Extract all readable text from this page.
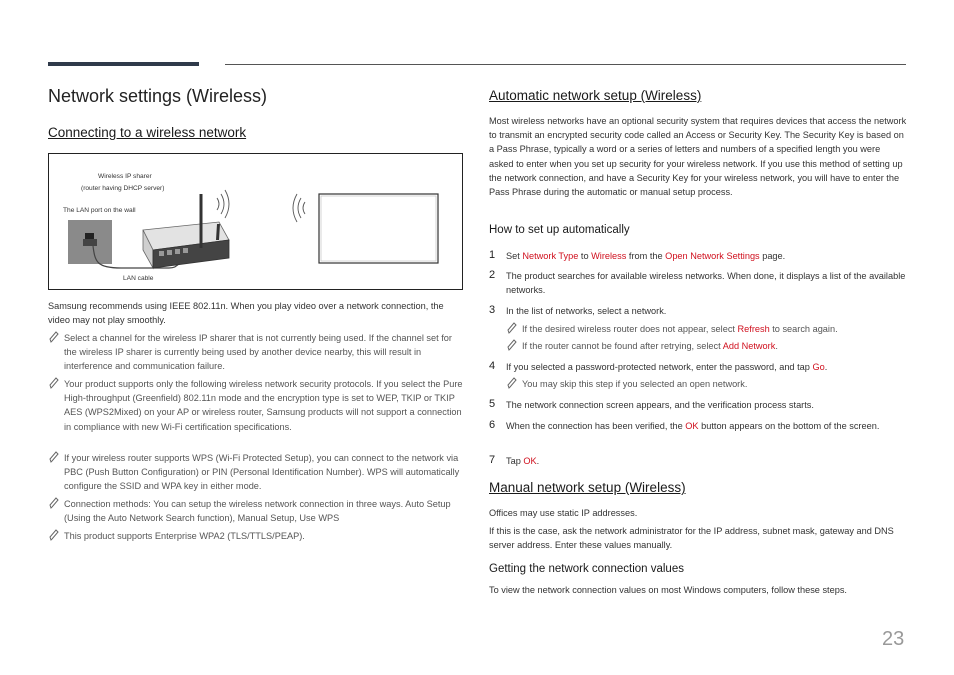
Network settings (Wireless)
Connecting to a wireless network
Wireless IP sharer
(router having DHCP server)
The LAN port on the wall
LAN cable
Samsung recommends using IEEE 802.11n. When you play video over a network connection, the video may not play smoothly.
Select a channel for the wireless IP sharer that is not currently being used. If the channel set for the wireless IP sharer is currently being used by another device nearby, this will result in interference and communication failure.
Your product supports only the following wireless network security protocols. If you select the Pure High-throughput (Greenfield) 802.11n mode and the encryption type is set to WEP, TKIP or TKIP AES (WPS2Mixed) on your AP or wireless router, Samsung products will not support a connection in compliance with new Wi-Fi certification specifications.
If your wireless router supports WPS (Wi-Fi Protected Setup), you can connect to the network via PBC (Push Button Configuration) or PIN (Personal Identification Number). WPS will automatically configure the SSID and WPA key in either mode.
Connection methods: You can setup the wireless network connection in three ways. Auto Setup (Using the Auto Network Search function), Manual Setup, Use WPS
This product supports Enterprise WPA2 (TLS/TTLS/PEAP).
Automatic network setup (Wireless)
Most wireless networks have an optional security system that requires devices that access the network to transmit an encrypted security code called an Access or Security Key. The Security Key is based on a Pass Phrase, typically a word or a series of letters and numbers of a specified length you were asked to enter when you set up security for your wireless network. If you use this method of setting up the network connection, and have a Security Key for your wireless network, you will have to enter the Pass Phrase during the automatic or manual setup process.
How to set up automatically
1 Set Network Type to Wireless from the Open Network Settings page.
2 The product searches for available wireless networks. When done, it displays a list of the available networks.
3 In the list of networks, select a network.
If the desired wireless router does not appear, select Refresh to search again.
If the router cannot be found after retrying, select Add Network.
4 If you selected a password-protected network, enter the password, and tap Go.
You may skip this step if you selected an open network.
5 The network connection screen appears, and the verification process starts.
6 When the connection has been verified, the OK button appears on the bottom of the screen.
7 Tap OK.
Manual network setup (Wireless)
Offices may use static IP addresses.
If this is the case, ask the network administrator for the IP address, subnet mask, gateway and DNS server address. Enter these values manually.
Getting the network connection values
To view the network connection values on most Windows computers, follow these steps.
23
